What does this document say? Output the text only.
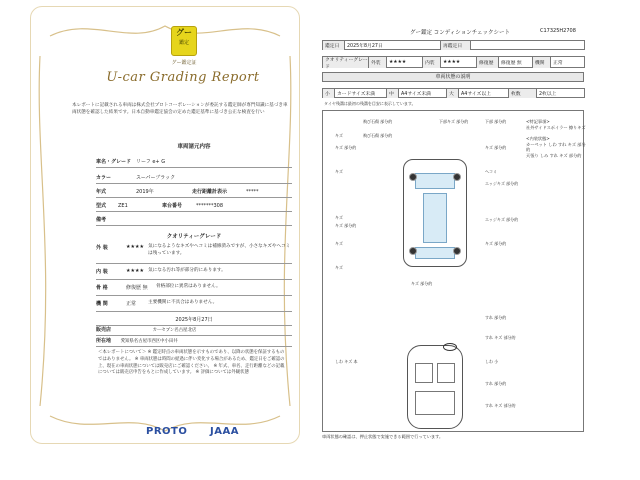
グー
鑑定
グー鑑定証
U-car Grading Report
本レポートに記載される車両は株式会社プロトコーポレーションが委託する鑑定師が専門知識に基づき車両状態を確認した結果です。日本自動車鑑定協会の定めた鑑定基準に基づき公正な検査を行い
車両諸元内容
車名・グレード リーフ e+ G
カラー	スーパーブラック
年式	2019年	走行距離計表示	*****
型式	ZE1	車台番号	*******308
備考
クオリティーグレード
外 装	★★★★ 気になるようなキズやヘコミは補修済みですが、小さなキズやヘコミは残っています。
内 装	★★★★ 気になる汚れ等が部分的にあります。
骨 格	修復歴 無	骨格部位に異常はありません。
機 関	正常	主要機関に不具合はありません。
2025年8月27日
販売店	カーセブン名古屋北店
所在地 愛知県名古屋市西区中小田井
＜本レポートについて＞ ※ 鑑定時点の車両状態を示すものであり、以降の状態を保証するものではありません。 ※ 車両状態は時間の経過に伴い変化する場合があるため、鑑定日をご確認の上、現在の車両状態については販売店にご確認ください。 ※ 年式、車名、走行距離などの記載については販売店申告をもとに作成しています。 ※ 評価については外観状態
PROTO JAAA
グー鑑定 コンディションチェックシート	C17325H2708
鑑定日	2025年8月27日	再鑑定日
クオリティーグレード
外装	★★★★	内装	★★★★	修復歴	修復歴 無	機関	正常
車両状態の説明
小	カードサイズ未満	中	A4サイズ未満	大	A4サイズ以上	枚数	2枚以上
タイヤ残溝は最初の残溝を目安に表示しています。
飛び石傷 部分的	下部キズ 部分的	下部 部分的
キズ
キズ 部分的
飛び石傷 部分的
キズ 部分的
キズ	ヘコミ
エッジキズ 部分的
キズ
キズ 部分的
エッジキズ 部分的
キズ	キズ 部分的
キズ
キズ 部分的
すれ 部分的
すれ キズ 部分的
しわ キズ 本	しわ 小
すれ 部分的
すれ キズ 部分的
<特記事項>
社外サイドスポイラー 擦りキズ
<内装状態>
カーペット しわ すれ キズ 部分的
天張り しみ すれ キズ 部分的
車両状態の確認は、押止状態で実施できる範囲で行っています。
